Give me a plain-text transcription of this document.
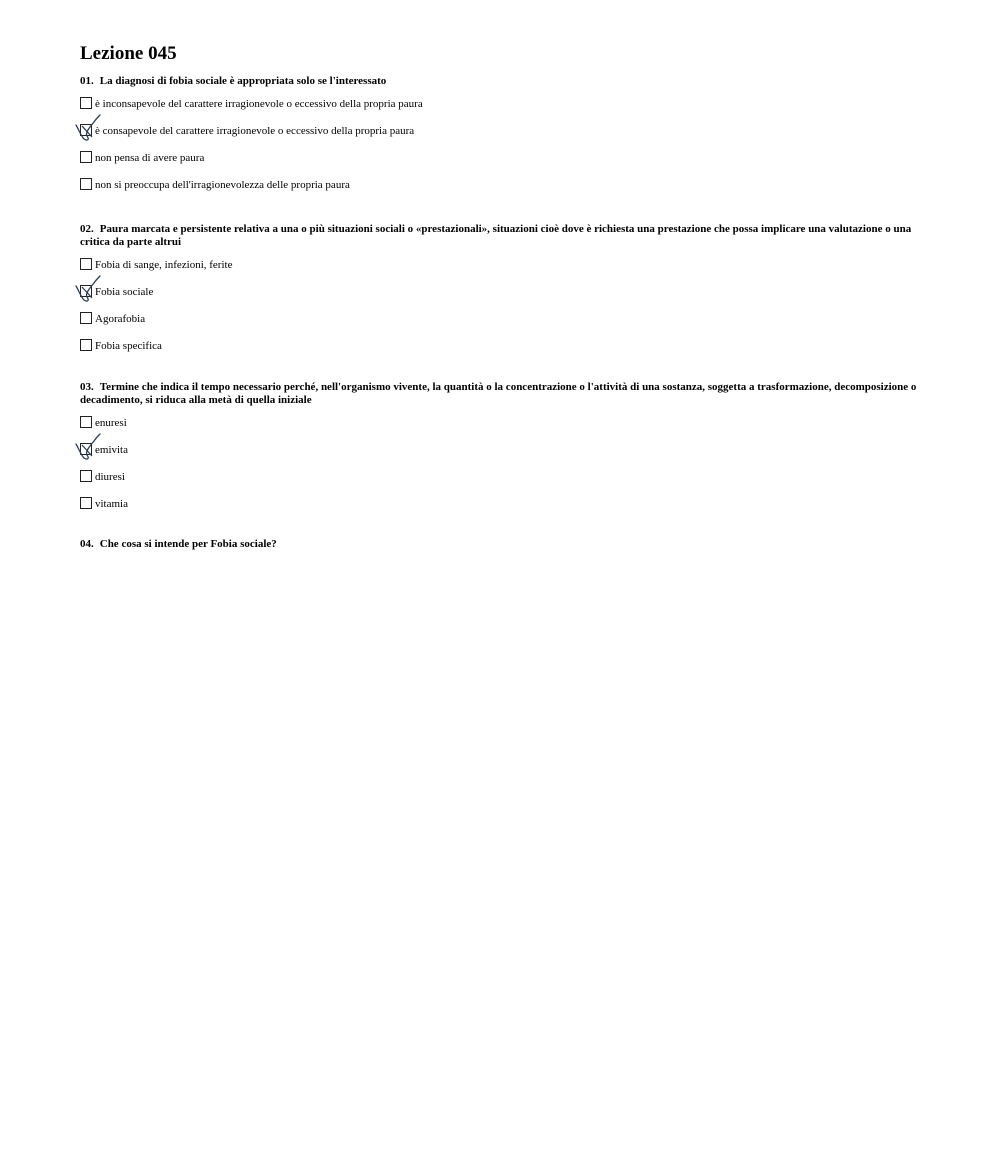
Lezione 045

01. La diagnosi di fobia sociale è appropriata solo se l'interessato

è inconsapevole del carattere irragionevole o eccessivo della propria paura
è consapevole del carattere irragionevole o eccessivo della propria paura
non pensa di avere paura
non si preoccupa dell'irragionevolezza delle propria paura

02. Paura marcata e persistente relativa a una o più situazioni sociali o «prestazionali», situazioni cioè dove è richiesta una prestazione che possa implicare una valutazione o una critica da parte altrui

Fobia di sange, infezioni, ferite
Fobia sociale
Agorafobia
Fobia specifica

03. Termine che indica il tempo necessario perché, nell'organismo vivente, la quantità o la concentrazione o l'attività di una sostanza, soggetta a trasformazione, decomposizione o decadimento, si riduca alla metà di quella iniziale

enuresi
emivita
diuresi
vitamia

04. Che cosa si intende per Fobia sociale?
